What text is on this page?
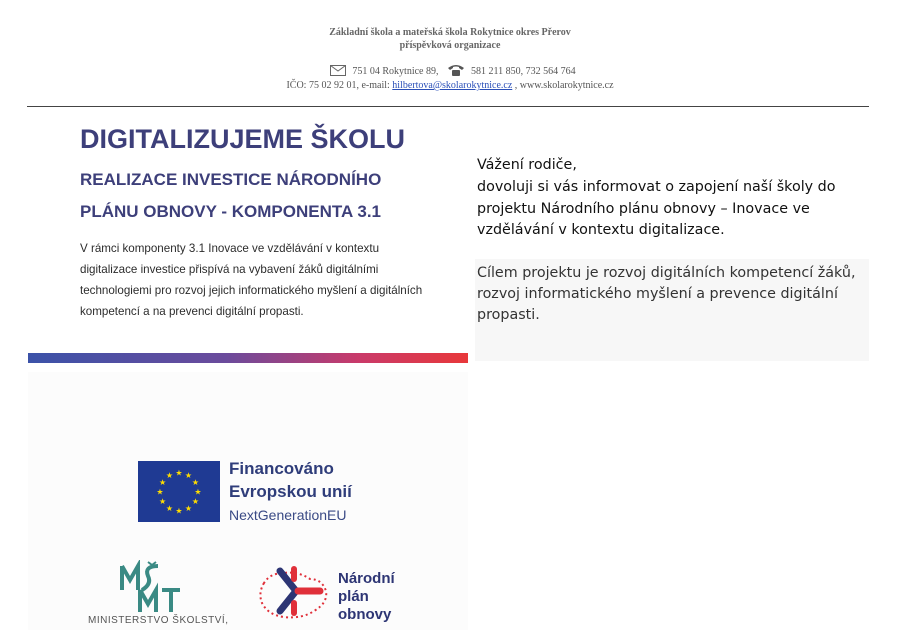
Základní škola a mateřská škola Rokytnice okres Přerov
příspěvková organizace
751 04 Rokytnice 89,	581 211 850, 732 564 764
IČO: 75 02 92 01, e-mail: hilbertova@skolarokytnice.cz , www.skolarokytnice.cz
DIGITALIZUJEME ŠKOLU
REALIZACE INVESTICE NÁRODNÍHO
PLÁNU OBNOVY - KOMPONENTA 3.1
V rámci komponenty 3.1 Inovace ve vzdělávání v kontextu
digitalizace investice přispívá na vybavení žáků digitálními
technologiemi pro rozvoj jejich informatického myšlení a digitálních
kompetencí a na prevenci digitální propasti.
Vážení rodiče,
dovoluji si vás informovat o zapojení naší školy do
projektu Národního plánu obnovy – Inovace ve
vzdělávání v kontextu digitalizace.
Cílem projektu je rozvoj digitálních kompetencí žáků,
rozvoj informatického myšlení a prevence digitální
propasti.
★ ★
★
★
★
★
★
★
★
★
★
★	Financováno
Evropskou unií
NextGenerationEU
MINISTERSTVO ŠKOLSTVÍ,
Národní
plán
obnovy
